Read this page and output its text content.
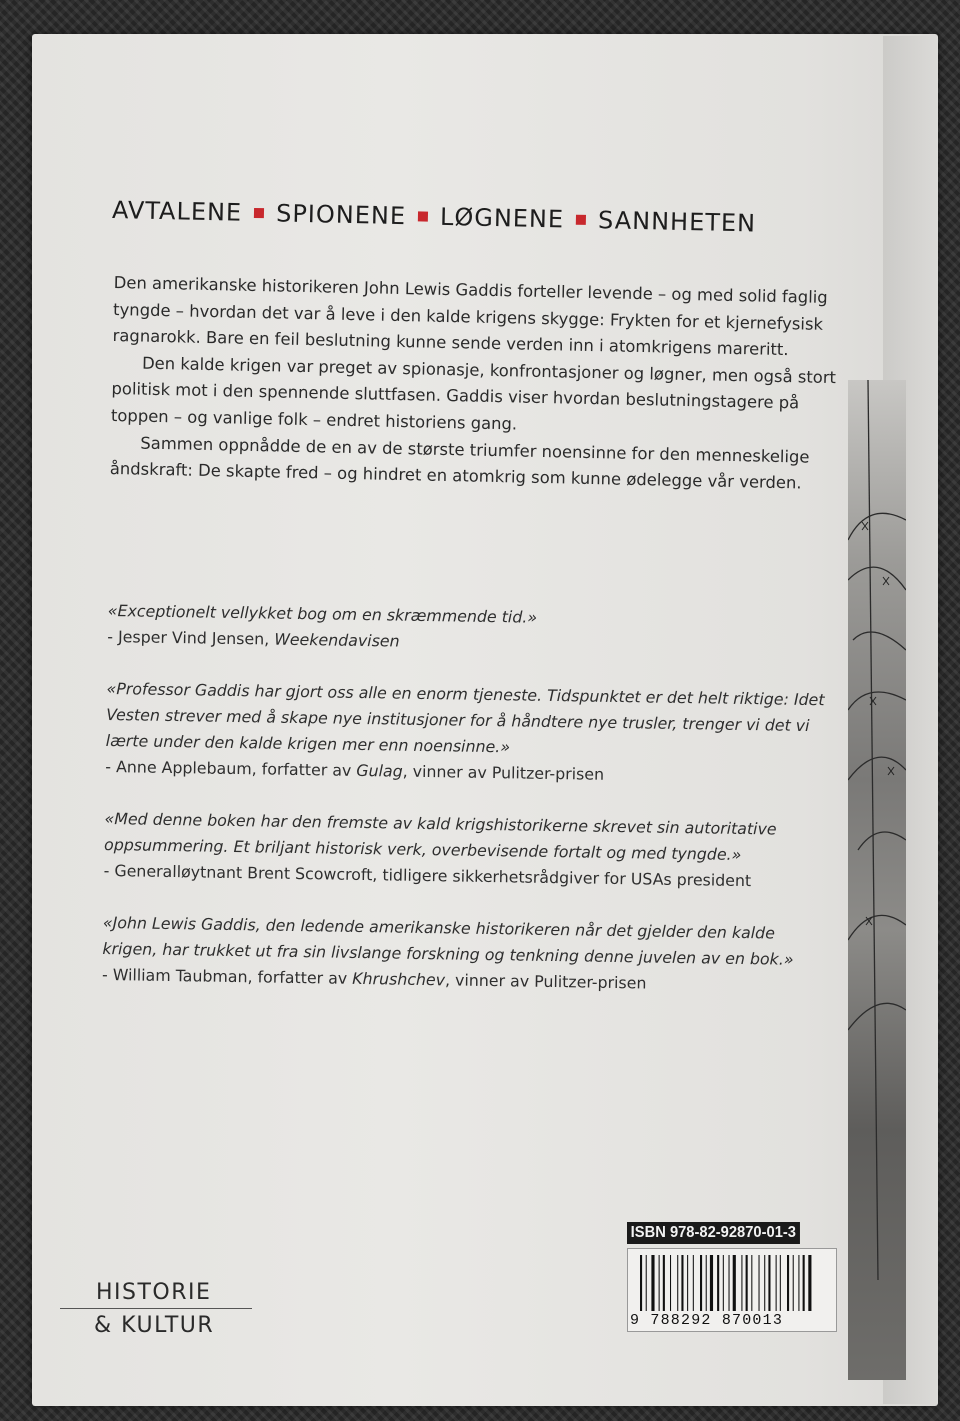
AVTALENE SPIONENE LØGNENE SANNHETEN

Den amerikanske historikeren John Lewis Gaddis forteller levende – og med solid faglig tyngde – hvordan det var å leve i den kalde krigens skygge: Frykten for et kjernefysisk ragnarokk. Bare en feil beslutning kunne sende verden inn i atomkrigens mareritt.

Den kalde krigen var preget av spionasje, konfrontasjoner og løgner, men også stort politisk mot i den spennende sluttfasen. Gaddis viser hvordan beslutningstagere på toppen – og vanlige folk – endret historiens gang.

Sammen oppnådde de en av de største triumfer noensinne for den menneskelige åndskraft: De skapte fred – og hindret en atomkrig som kunne ødelegge vår verden.

«Exceptionelt vellykket bog om en skræmmende tid.»
- Jesper Vind Jensen, Weekendavisen
«Professor Gaddis har gjort oss alle en enorm tjeneste. Tidspunktet er det helt riktige: Idet Vesten strever med å skape nye institusjoner for å håndtere nye trusler, trenger vi det vi lærte under den kalde krigen mer enn noensinne.»
- Anne Applebaum, forfatter av Gulag, vinner av Pulitzer-prisen
«Med denne boken har den fremste av kald krigshistorikerne skrevet sin autoritative oppsummering. Et briljant historisk verk, overbevisende fortalt og med tyngde.»
- Generalløytnant Brent Scowcroft, tidligere sikkerhetsrådgiver for USAs president
«John Lewis Gaddis, den ledende amerikanske historikeren når det gjelder den kalde krigen, har trukket ut fra sin livslange forskning og tenkning denne juvelen av en bok.»
- William Taubman, forfatter av Khrushchev, vinner av Pulitzer-prisen
HISTORIE
& KULTUR
ISBN 978-82-92870-01-3
9 788292 870013
